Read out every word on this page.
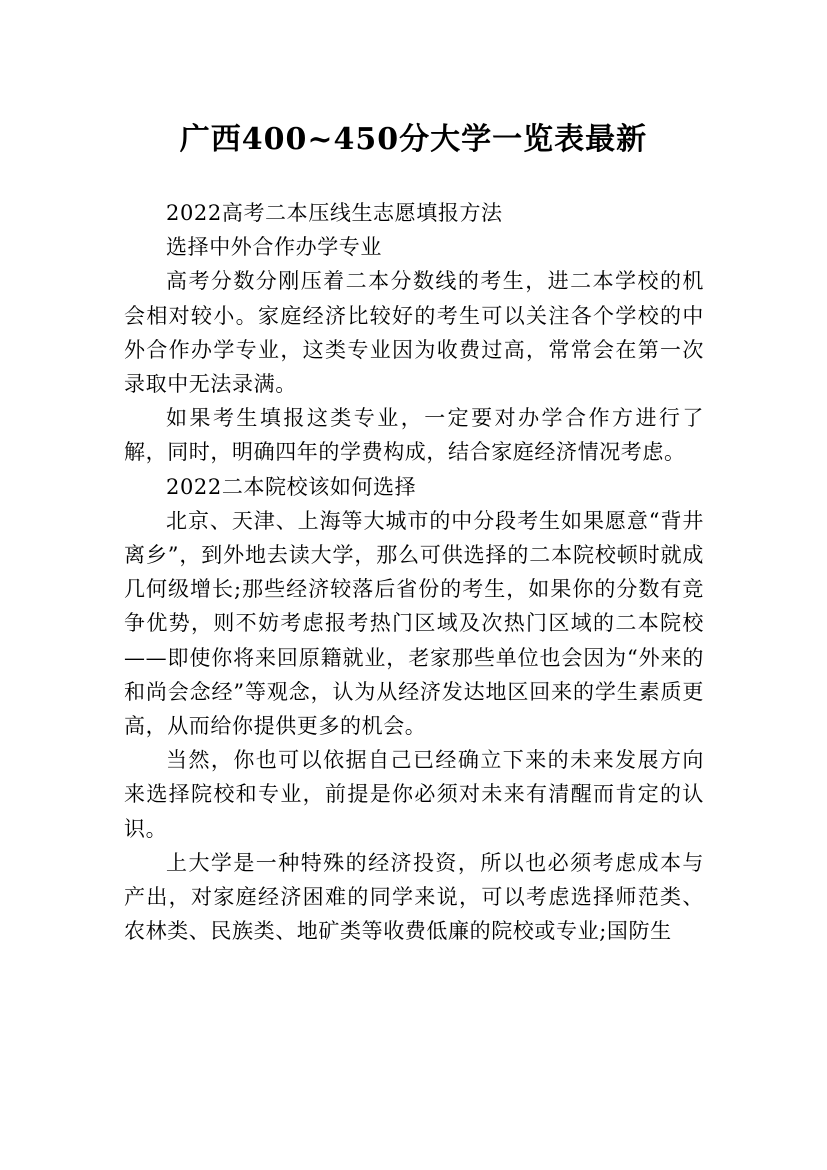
广西400~450分大学一览表最新

2022高考二本压线生志愿填报方法

选择中外合作办学专业

高考分数分刚压着二本分数线的考生，进二本学校的机会相对较小。家庭经济比较好的考生可以关注各个学校的中外合作办学专业，这类专业因为收费过高，常常会在第一次录取中无法录满。

如果考生填报这类专业，一定要对办学合作方进行了解，同时，明确四年的学费构成，结合家庭经济情况考虑。

2022二本院校该如何选择

北京、天津、上海等大城市的中分段考生如果愿意“背井离乡”，到外地去读大学，那么可供选择的二本院校顿时就成几何级增长;那些经济较落后省份的考生，如果你的分数有竞争优势，则不妨考虑报考热门区域及次热门区域的二本院校——即使你将来回原籍就业，老家那些单位也会因为“外来的和尚会念经”等观念，认为从经济发达地区回来的学生素质更高，从而给你提供更多的机会。

当然，你也可以依据自己已经确立下来的未来发展方向来选择院校和专业，前提是你必须对未来有清醒而肯定的认识。

上大学是一种特殊的经济投资，所以也必须考虑成本与产出，对家庭经济困难的同学来说，可以考虑选择师范类、农林类、民族类、地矿类等收费低廉的院校或专业;国防生
